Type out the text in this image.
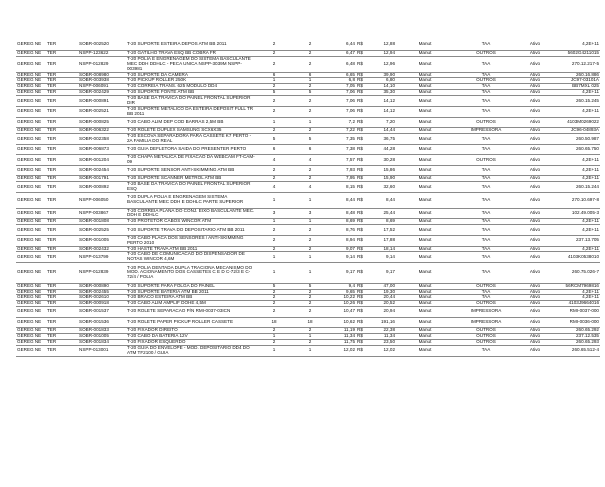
GEREG NE	TER	SOBR-002520	T-20 SUPORTE ESTEIRA DEPOS ATM BB 2011	2	2	6,44	R$	12,88	Manut	TAA	Ativo	4,2E+11
GEREG NE	TER	NSPP-123622	T-20 GATILHO TRAVA ESQ BB COBRA FR	2	2	6,47	R$	12,94	Manut	OUTROS	Ativo	5602G4211015
GEREG NE	TER	NSPP-012829	T-20 POLIA E ENGRENAGEM DO SISTEMA BASCULANTE MEC DDH DDHLC - PECA UNICA NSPP-3039M NSPP-003981	2	2	6,48	R$	12,96	Manut	TAA	Ativo	270.12.217-5
GEREG NE	TER	SOBR-008980	T-20 SUPORTE DA CAMERA	6	6	6,65	R$	39,90	Manut	TAA	Ativo	260.16.886
GEREG NE	TER	SOBR-003938	T-20 PICKUP ROLLER 250K	1	1	6,8	R$	6,80	Manut	OUTROS	Ativo	JC97-03101A
GEREG NE	TER	NSPP-006091	T-20 CORREIA TRANS. 625 MODULO DD4	2	2	7,05	R$	14,10	Manut	TAA	Ativo	BB7MXL 025
GEREG NE	TER	SOBR-002429	T-20 SUPORTE FONTE ATM BB	5	5	7,06	R$	35,30	Manut	TAA	Ativo	4,2E+11
GEREG NE	TER	SOBR-000891	T-20 BASE DA TRAVICA DO PAINEL FRONTAL SUPERIOR DIR	2	2	7,06	R$	14,12	Manut	TAA	Ativo	260.15.245
GEREG NE	TER	SOBR-002521	T-20 SUPORTE METALICO DA ESTEIRA DEPOSIT FULL TR BB 2011	2	2	7,06	R$	14,12	Manut	TAA	Ativo	4,2E+11
GEREG NE	TER	SOBR-000825	T-20 CABO ALIM DEP COD BARRAS 2,5M BB	1	1	7,2	R$	7,20	Manut	OUTROS	Ativo	4103M0269022
GEREG NE	TER	SOBR-006322	T-20 ROLETE DUPLEX SAMSUNG SCX6X35	2	2	7,22	R$	14,44	Manut	IMPRESSORA	Ativo	JC96-04893A
GEREG NE	TER	SOBR-002358	T-20 ESCOVA SEPARADORA PARA CASSETE K7 PERTO - 2A FAMILIA DO REAL	5	5	7,35	R$	36,75	Manut	TAA	Ativo	260.50.987
GEREG NE	TER	SOBR-006873	T-20 GUIA DEFLETORA SAIDA DO PRESENTER PERTO	6	6	7,38	R$	44,28	Manut	TAA	Ativo	260.65.750
GEREG NE	TER	SOBR-001204	T-20 CHAPA METALICA DE FIXACAO DA WEBCAM FT-CAM-09	4	4	7,57	R$	30,28	Manut	OUTROS	Ativo	4,2E+11
GEREG NE	TER	SOBR-002454	T-20 SUPORTE SENSOR ANTI-SKIMMING ATM BB	2	2	7,93	R$	15,86	Manut	TAA	Ativo	4,2E+11
GEREG NE	TER	SOBR-001791	T-20 SUPORTE SCANNER METROL ATM BB	2	2	7,95	R$	15,90	Manut	TAA	Ativo	4,2E+11
GEREG NE	TER	SOBR-000892	T-20 BASE DA TRAVICA DO PAINEL FRONTAL SUPERIOR ESQ	4	4	8,15	R$	32,60	Manut	TAA	Ativo	260.15.244
GEREG NE	TER	NSPP-006050	T-20 DUPLA POLIA E ENGRENAGEM SISTEMA BASCULANTE MEC DDH E DDHLC PARTE SUPERIOR	1	1	8,44	R$	8,44	Manut	TAA	Ativo	270.10.697-8
GEREG NE	TER	NSPP-003867	T-20 CORREIA PLANA DO CONJ. EIXO BASCULANTE MEC. DDH E DDHLC	3	3	8,48	R$	25,44	Manut	TAA	Ativo	102.49.005-3
GEREG NE	TER	SOBR-001808	T-20 PROTETOR CABOS WINCOR ATM	1	1	8,69	R$	8,69	Manut	TAA	Ativo	4,2E+11
GEREG NE	TER	SOBR-002525	T-20 SUPORTE TRAVA DO DEPOSITARIO ATM BB 2011	2	2	8,76	R$	17,52	Manut	TAA	Ativo	4,2E+11
GEREG NE	TER	SOBR-001005	T-20 CABO PLACA DOS SENSORES / ANTI-SKIMMING PERTO 2010	2	2	8,94	R$	17,88	Manut	TAA	Ativo	237.13.705
GEREG NE	TER	SOBR-002432	T-20 HASTE TRAVA ATM BB 2011	2	2	9,07	R$	18,14	Manut	TAA	Ativo	4,2E+11
GEREG NE	TER	NSPP-013799	T-20 CABO DE COMUNICACAO DO DISPENSADOR DE NOTAS WINCOR 4,6M	1	1	9,14	R$	9,14	Manut	TAA	Ativo	4103K0538010
GEREG NE	TER	NSPP-012839	T-20 POLIA DENTADA DUPLA TRACIONA MECANISMO DO MOD. ACIONAMENTO DOS CASSETES C E D C-72/3 E C-72/4 / POLIA	1	1	9,17	R$	9,17	Manut	TAA	Ativo	260.75.026-7
GEREG NE	TER	SOBR-000890	T-20 SUPORTE PARA FOLGA DO PAINEL	5	5	9,4	R$	47,00	Manut	OUTROS	Ativo	56RCM7969816
GEREG NE	TER	SOBR-002455	T-20 SUPORTE BATERIA ATM BB 2011	2	2	9,65	R$	19,30	Manut	TAA	Ativo	4,2E+11
GEREG NE	TER	SOBR-002610	T-20 BRACO ESTEIRA ATM BB	2	2	10,22	R$	20,44	Manut	TAA	Ativo	4,2E+11
GEREG NE	TER	SOBR-000918	T-20 CABO ALIM AMPLIF DOHE 4,5M	2	2	10,26	R$	20,52	Manut	OUTROS	Ativo	4103J9664016
GEREG NE	TER	SOBR-001537	T-20 ROLETE SEPARACAO P/N RMI-0037-03ICN	2	2	10,47	R$	20,94	Manut	IMPRESSORA	Ativo	RMI-0037-000
GEREG NE	TER	SOBR-001536	T-20 ROLETE PAPER PICKUP ROLLER CASSETE	18	18	10,62	R$	191,16	Manut	IMPRESSORA	Ativo	RMI-0036-000
GEREG NE	TER	SOBR-001833	T-20 FIXADOR DIREITO	2	2	11,19	R$	22,38	Manut	OUTROS	Ativo	260.65.292
GEREG NE	TER	SOBR-001005	T-20 CABO DA BATERIA 12V	1	1	11,34	R$	11,34	Manut	OUTROS	Ativo	237.12.535
GEREG NE	TER	SOBR-001834	T-20 FIXADOR ESQUERDO	2	2	11,75	R$	23,50	Manut	OUTROS	Ativo	260.65.293
GEREG NE	TER	NSPP-013001	T-20 GUIA DO ENVELOPE - MOD. DEPOSITARIO DD4 DO ATM TF2100 / GUIA	1	1	12,02	R$	12,02	Manut	TAA	Ativo	260.65.512-4
